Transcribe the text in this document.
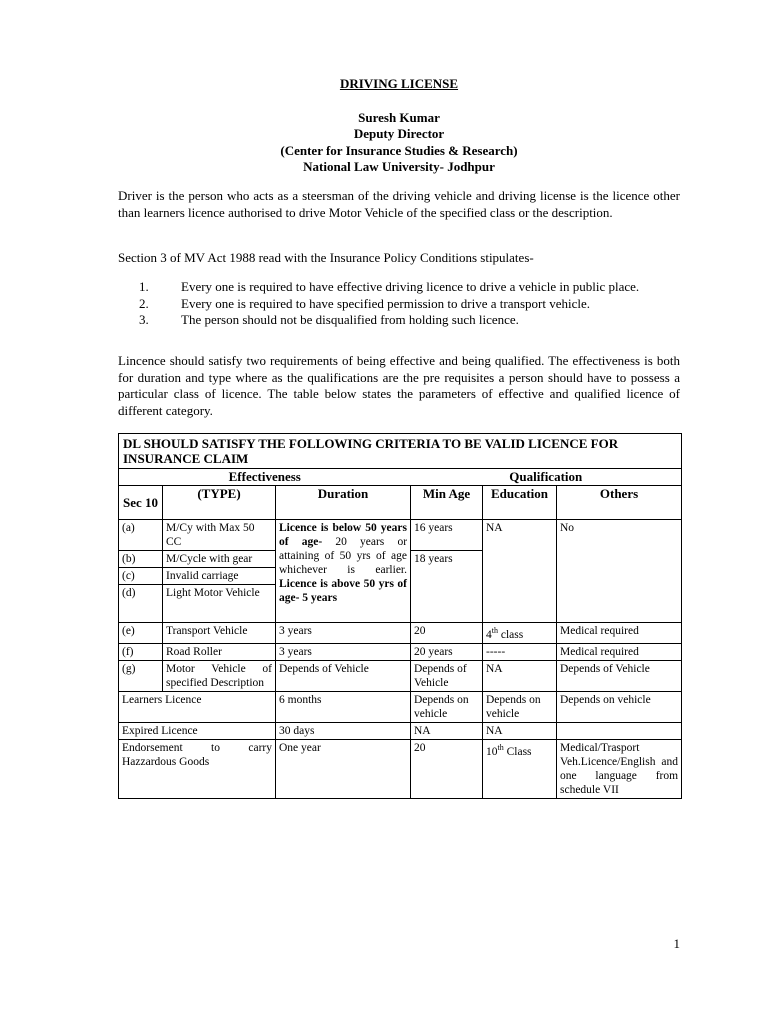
DRIVING LICENSE
Suresh Kumar
Deputy Director
(Center for Insurance Studies & Research)
National Law University- Jodhpur
Driver is the person who acts as a steersman of the driving vehicle and driving license is the licence other than learners licence authorised to drive Motor Vehicle of the specified class or the description.
Section 3 of MV Act 1988 read with the Insurance Policy Conditions stipulates-
1.	Every one is required to have effective driving licence to drive a vehicle in public place.
2.	Every one is required to have specified permission to drive a transport vehicle.
3.	The person should not be disqualified from holding such licence.
Lincence should satisfy two requirements of being effective and being qualified. The effectiveness is both for duration and type where as the qualifications are the pre requisites a person should have to possess a particular class of licence. The table below states the parameters of effective and qualified licence of different category.
DL SHOULD SATISFY THE FOLLOWING CRITERIA TO BE VALID LICENCE FOR INSURANCE CLAIM					
Effectiveness			Qualification		
Sec 10	(TYPE)	Duration	Min Age	Education	Others
(a)	M/Cy with Max 50 CC	Licence is below 50 years of age- 20 years or attaining of 50 yrs of age whichever is earlier. Licence is above 50 yrs of age- 5 years	16 years	NA	No
(b)	M/Cycle with gear		18 years		
(c)	Invalid carriage				
(d)	Light Motor Vehicle				
(e)	Transport Vehicle	3 years	20	4th class	Medical required
(f)	Road Roller	3 years	20 years	-----	Medical required
(g)	Motor Vehicle of specified Description	Depends of Vehicle	Depends of Vehicle	NA	Depends of Vehicle
Learners Licence		6 months	Depends on vehicle	Depends on vehicle	Depends on vehicle
Expired Licence		30 days	NA	NA	
Endorsement to carry Hazzardous Goods		One year	20	10th Class	Medical/Trasport Veh.Licence/English and one language from schedule VII
1
